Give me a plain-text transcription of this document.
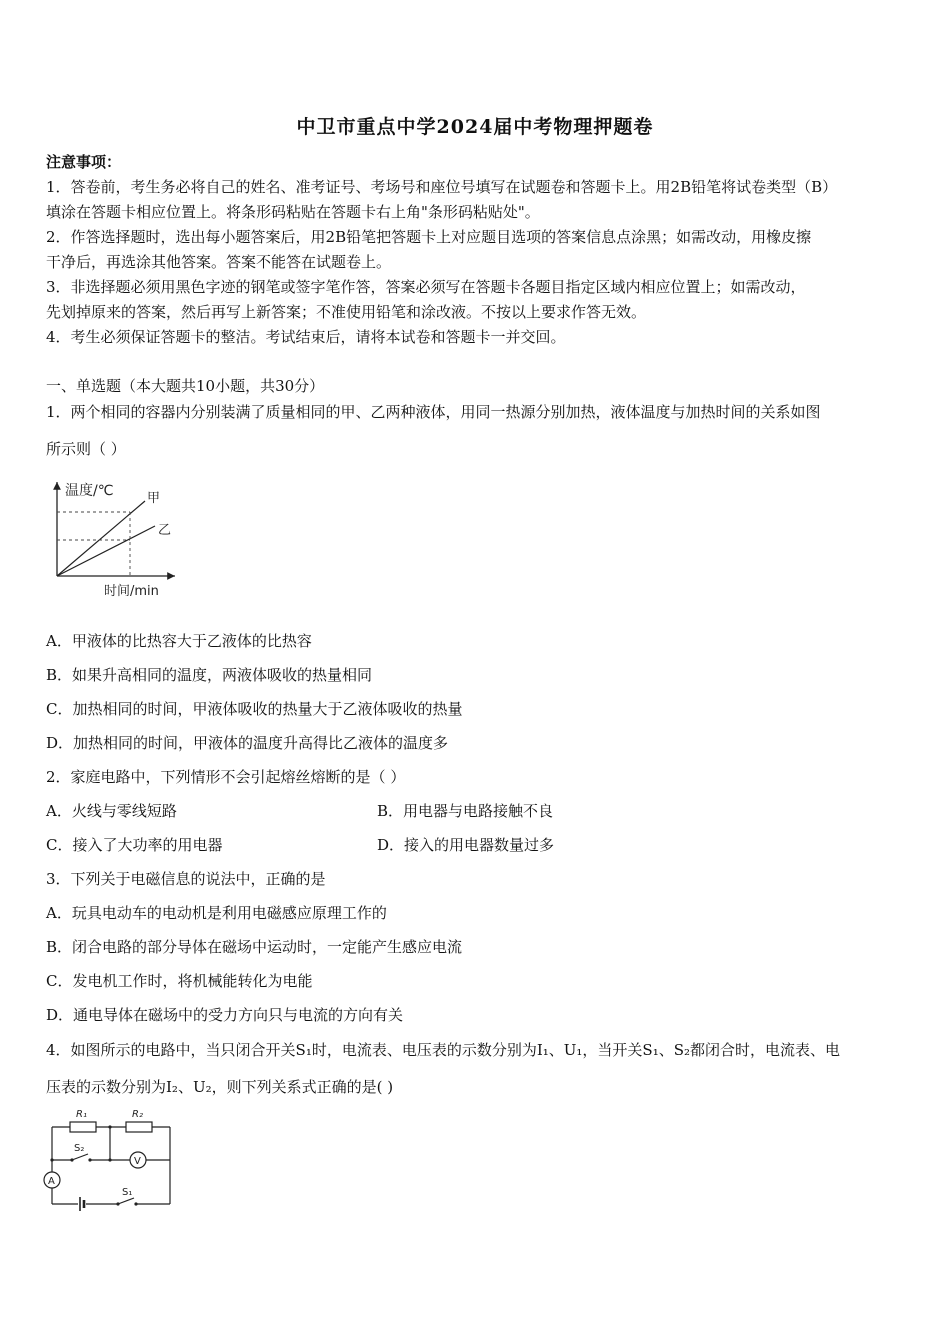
中卫市重点中学2024届中考物理押题卷
注意事项：
1．答卷前，考生务必将自己的姓名、准考证号、考场号和座位号填写在试题卷和答题卡上。用2B铅笔将试卷类型（B）
填涂在答题卡相应位置上。将条形码粘贴在答题卡右上角"条形码粘贴处"。
2．作答选择题时，选出每小题答案后，用2B铅笔把答题卡上对应题目选项的答案信息点涂黑；如需改动，用橡皮擦
干净后，再选涂其他答案。答案不能答在试题卷上。
3．非选择题必须用黑色字迹的钢笔或签字笔作答，答案必须写在答题卡各题目指定区域内相应位置上；如需改动，
先划掉原来的答案，然后再写上新答案；不准使用铅笔和涂改液。不按以上要求作答无效。
4．考生必须保证答题卡的整洁。考试结束后，请将本试卷和答题卡一并交回。
一、单选题（本大题共10小题，共30分）
1．两个相同的容器内分别装满了质量相同的甲、乙两种液体，用同一热源分别加热，液体温度与加热时间的关系如图
所示则（ ）
温度/℃
时间/min
甲
乙
A．甲液体的比热容大于乙液体的比热容
B．如果升高相同的温度，两液体吸收的热量相同
C．加热相同的时间，甲液体吸收的热量大于乙液体吸收的热量
D．加热相同的时间，甲液体的温度升高得比乙液体的温度多
2．家庭电路中，下列情形不会引起熔丝熔断的是（ ）
A．火线与零线短路	B．用电器与电路接触不良
C．接入了大功率的用电器	D．接入的用电器数量过多
3．下列关于电磁信息的说法中，正确的是
A．玩具电动车的电动机是利用电磁感应原理工作的
B．闭合电路的部分导体在磁场中运动时，一定能产生感应电流
C．发电机工作时，将机械能转化为电能
D．通电导体在磁场中的受力方向只与电流的方向有关
4．如图所示的电路中，当只闭合开关S₁时，电流表、电压表的示数分别为I₁、U₁，当开关S₁、S₂都闭合时，电流表、电
压表的示数分别为I₂、U₂，则下列关系式正确的是( )
R₁	R₂
S₂
S₁
A
V
